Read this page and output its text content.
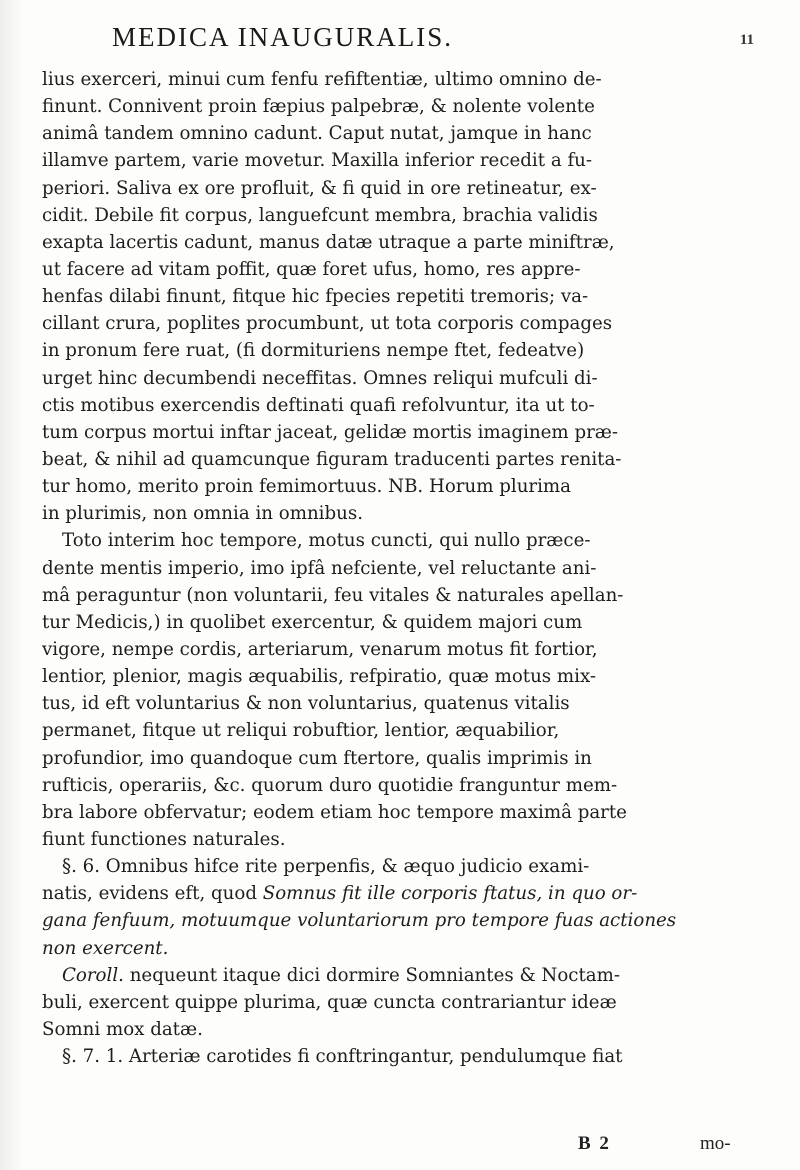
MEDICA INAUGURALIS.	11
lius exerceri, minui cum fenfu refiftentiæ, ultimo omnino de-
finunt. Connivent proin fæpius palpebræ, & nolente volente
animâ tandem omnino cadunt. Caput nutat, jamque in hanc
illamve partem, varie movetur. Maxilla inferior recedit a fu-
periori. Saliva ex ore profluit, & fi quid in ore retineatur, ex-
cidit. Debile fit corpus, languefcunt membra, brachia validis
exapta lacertis cadunt, manus datæ utraque a parte miniftræ,
ut facere ad vitam poffit, quæ foret ufus, homo, res appre-
henfas dilabi finunt, fitque hic fpecies repetiti tremoris; va-
cillant crura, poplites procumbunt, ut tota corporis compages
in pronum fere ruat, (fi dormituriens nempe ftet, fedeatve)
urget hinc decumbendi neceffitas. Omnes reliqui mufculi di-
ctis motibus exercendis deftinati quafi refolvuntur, ita ut to-
tum corpus mortui inftar jaceat, gelidæ mortis imaginem præ-
beat, & nihil ad quamcunque figuram traducenti partes renita-
tur homo, merito proin femimortuus. NB. Horum plurima
in plurimis, non omnia in omnibus.
Toto interim hoc tempore, motus cuncti, qui nullo præce-
dente mentis imperio, imo ipfâ nefciente, vel reluctante ani-
mâ peraguntur (non voluntarii, feu vitales & naturales apellan-
tur Medicis,) in quolibet exercentur, & quidem majori cum
vigore, nempe cordis, arteriarum, venarum motus fit fortior,
lentior, plenior, magis æquabilis, refpiratio, quæ motus mix-
tus, id eft voluntarius & non voluntarius, quatenus vitalis
permanet, fitque ut reliqui robuftior, lentior, æquabilior,
profundior, imo quandoque cum ftertore, qualis imprimis in
rufticis, operariis, &c. quorum duro quotidie franguntur mem-
bra labore obfervatur; eodem etiam hoc tempore maximâ parte
fiunt functiones naturales.
§. 6. Omnibus hifce rite perpenfis, & æquo judicio exami-
natis, evidens eft, quod Somnus fit ille corporis ftatus, in quo or-
gana fenfuum, motuumque voluntariorum pro tempore fuas actiones
non exercent.
Coroll. nequeunt itaque dici dormire Somniantes & Noctam-
buli, exercent quippe plurima, quæ cuncta contrariantur ideæ
Somni mox datæ.
§. 7. 1. Arteriæ carotides fi conftringantur, pendulumque fiat
B 2	mo-
